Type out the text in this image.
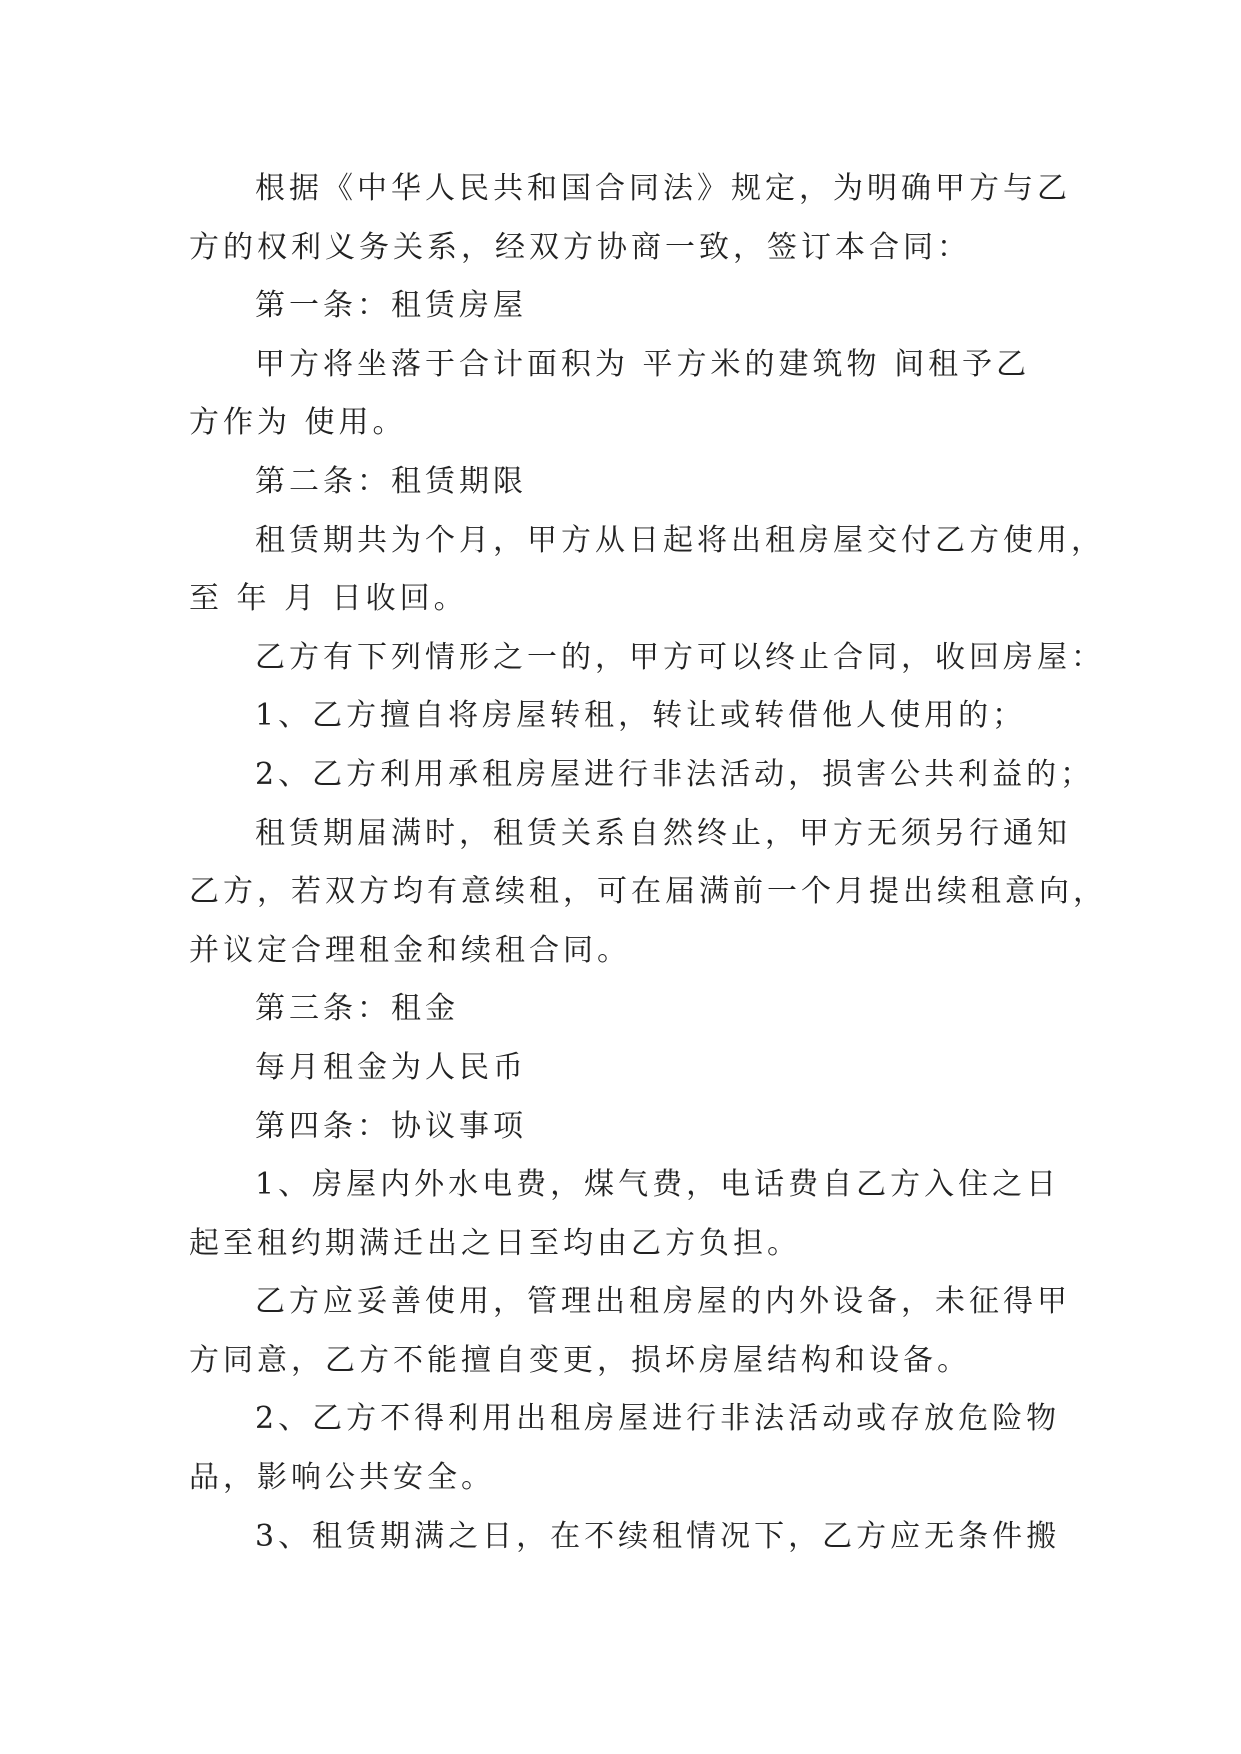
根据《中华人民共和国合同法》规定，为明确甲方与乙
方的权利义务关系，经双方协商一致，签订本合同：
第一条：租赁房屋
甲方将坐落于合计面积为 平方米的建筑物 间租予乙
方作为 使用。
第二条：租赁期限
租赁期共为个月，甲方从日起将出租房屋交付乙方使用，
至 年 月 日收回。
乙方有下列情形之一的，甲方可以终止合同，收回房屋：
1、乙方擅自将房屋转租，转让或转借他人使用的；
2、乙方利用承租房屋进行非法活动，损害公共利益的；
租赁期届满时，租赁关系自然终止，甲方无须另行通知
乙方，若双方均有意续租，可在届满前一个月提出续租意向，
并议定合理租金和续租合同。
第三条：租金
每月租金为人民币
第四条：协议事项
1、房屋内外水电费，煤气费，电话费自乙方入住之日
起至租约期满迁出之日至均由乙方负担。
乙方应妥善使用，管理出租房屋的内外设备，未征得甲
方同意，乙方不能擅自变更，损坏房屋结构和设备。
2、乙方不得利用出租房屋进行非法活动或存放危险物
品，影响公共安全。
3、租赁期满之日，在不续租情况下，乙方应无条件搬
